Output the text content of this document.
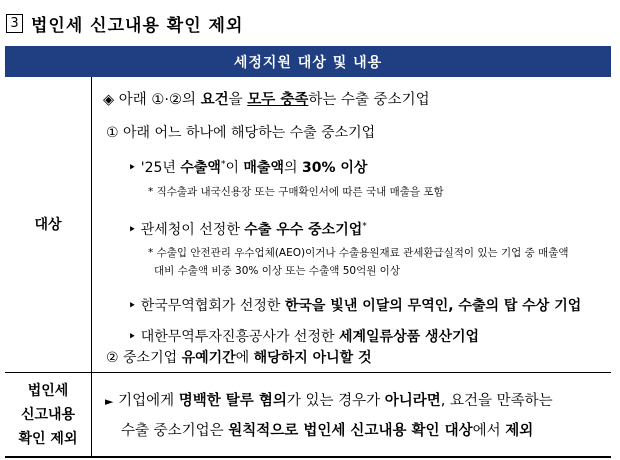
3 법인세 신고내용 확인 제외
세정지원 대상 및 내용
대상
◈ 아래 ①·②의 요건을 모두 충족하는 수출 중소기업
① 아래 어느 하나에 해당하는 수출 중소기업
‣ '25년 수출액*이 매출액의 30% 이상
* 직수출과 내국신용장 또는 구매확인서에 따른 국내 매출을 포함
‣ 관세청이 선정한 수출 우수 중소기업*
* 수출입 안전관리 우수업체(AEO)이거나 수출용원재료 관세환급실적이 있는 기업 중 매출액
대비 수출액 비중 30% 이상 또는 수출액 50억원 이상
‣ 한국무역협회가 선정한 한국을 빛낸 이달의 무역인, 수출의 탑 수상 기업
‣ 대한무역투자진흥공사가 선정한 세계일류상품 생산기업
② 중소기업 유예기간에 해당하지 아니할 것
법인세
신고내용
확인 제외
► 기업에게 명백한 탈루 혐의가 있는 경우가 아니라면, 요건을 만족하는
수출 중소기업은 원칙적으로 법인세 신고내용 확인 대상에서 제외
